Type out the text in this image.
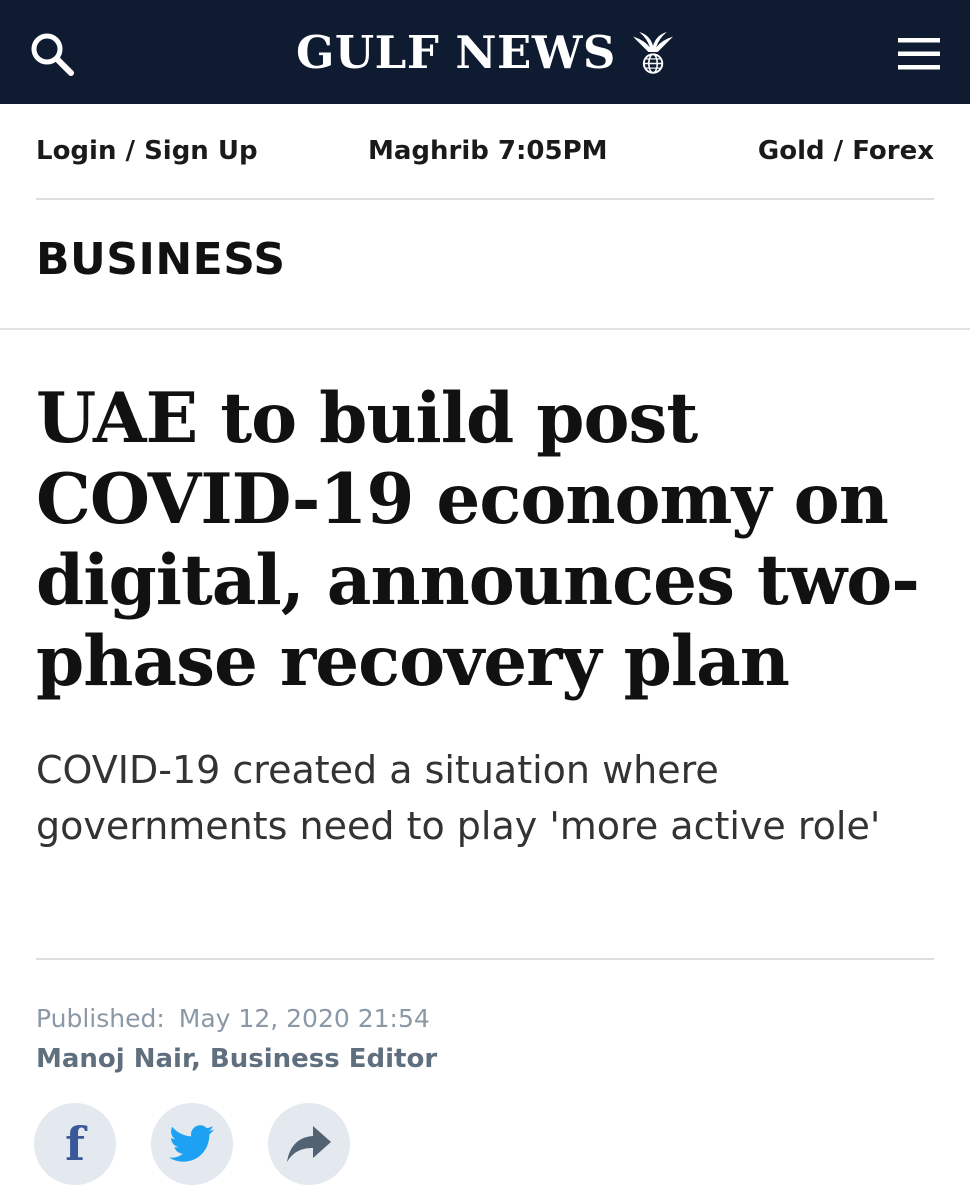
GULF NEWS
Login / Sign Up	Maghrib 7:05PM	Gold / Forex
BUSINESS
UAE to build post COVID-19 economy on digital, announces two-phase recovery plan

COVID-19 created a situation where governments need to play 'more active role'

Published: May 12, 2020 21:54
Manoj Nair, Business Editor
f
